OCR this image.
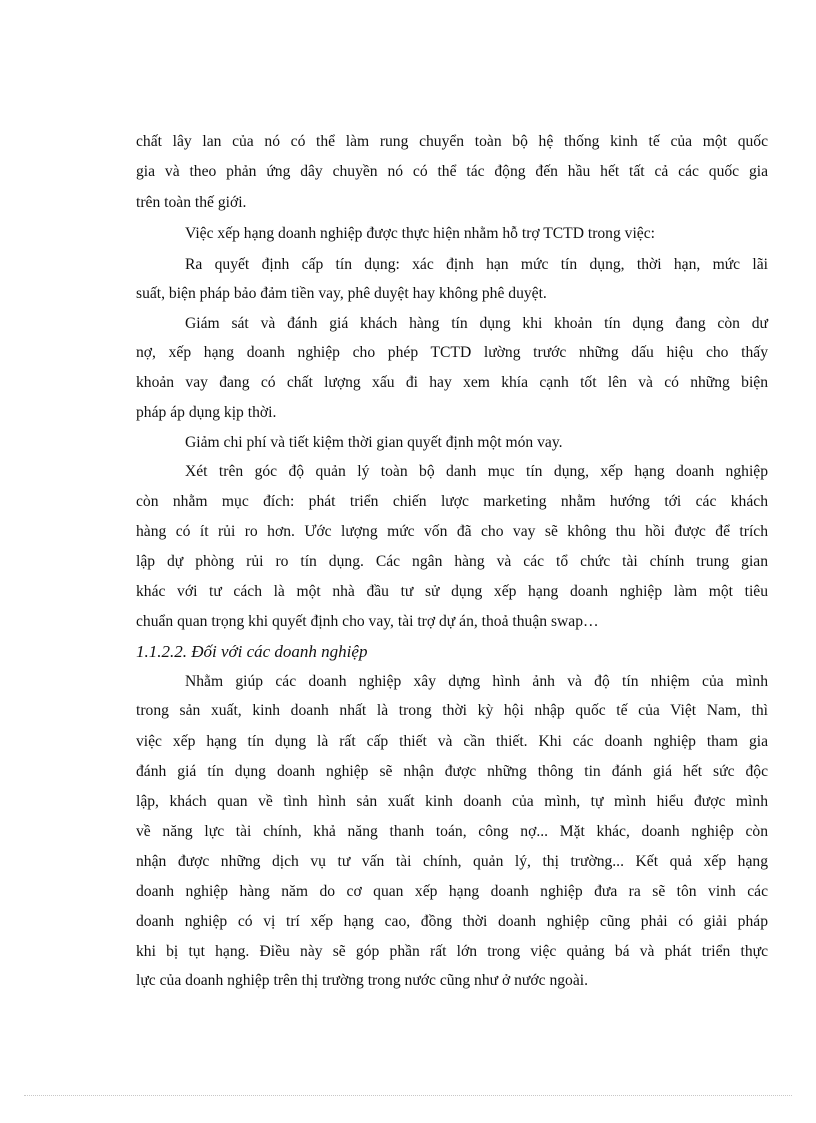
chất lây lan của nó có thể làm rung chuyển toàn bộ hệ thống kinh tế của một quốc
gia và theo phản ứng dây chuyền nó có thể tác động đến hầu hết tất cả các quốc gia
trên toàn thế giới.
Việc xếp hạng doanh nghiệp được thực hiện nhằm hỗ trợ TCTD trong việc:
Ra quyết định cấp tín dụng: xác định hạn mức tín dụng, thời hạn, mức lãi
suất, biện pháp bảo đảm tiền vay, phê duyệt hay không phê duyệt.
Giám sát và đánh giá khách hàng tín dụng khi khoản tín dụng đang còn dư
nợ, xếp hạng doanh nghiệp cho phép TCTD lường trước những dấu hiệu cho thấy
khoản vay đang có chất lượng xấu đi hay xem khía cạnh tốt lên và có những biện
pháp áp dụng kịp thời.
Giảm chi phí và tiết kiệm thời gian quyết định một món vay.
Xét trên góc độ quản lý toàn bộ danh mục tín dụng, xếp hạng doanh nghiệp
còn nhằm mục đích: phát triển chiến lược marketing nhằm hướng tới các khách
hàng có ít rủi ro hơn. Ước lượng mức vốn đã cho vay sẽ không thu hồi được để trích
lập dự phòng rủi ro tín dụng. Các ngân hàng và các tổ chức tài chính trung gian
khác với tư cách là một nhà đầu tư sử dụng xếp hạng doanh nghiệp làm một tiêu
chuẩn quan trọng khi quyết định cho vay, tài trợ dự án, thoả thuận swap…
1.1.2.2. Đối với các doanh nghiệp
Nhằm giúp các doanh nghiệp xây dựng hình ảnh và độ tín nhiệm của mình
trong sản xuất, kinh doanh nhất là trong thời kỳ hội nhập quốc tế của Việt Nam, thì
việc xếp hạng tín dụng là rất cấp thiết và cần thiết. Khi các doanh nghiệp tham gia
đánh giá tín dụng doanh nghiệp sẽ nhận được những thông tin đánh giá hết sức độc
lập, khách quan về tình hình sản xuất kinh doanh của mình, tự mình hiểu được mình
về năng lực tài chính, khả năng thanh toán, công nợ... Mặt khác, doanh nghiệp còn
nhận được những dịch vụ tư vấn tài chính, quản lý, thị trường... Kết quả xếp hạng
doanh nghiệp hàng năm do cơ quan xếp hạng doanh nghiệp đưa ra sẽ tôn vinh các
doanh nghiệp có vị trí xếp hạng cao, đồng thời doanh nghiệp cũng phải có giải pháp
khi bị tụt hạng. Điều này sẽ góp phần rất lớn trong việc quảng bá và phát triển thực
lực của doanh nghiệp trên thị trường trong nước cũng như ở nước ngoài.
